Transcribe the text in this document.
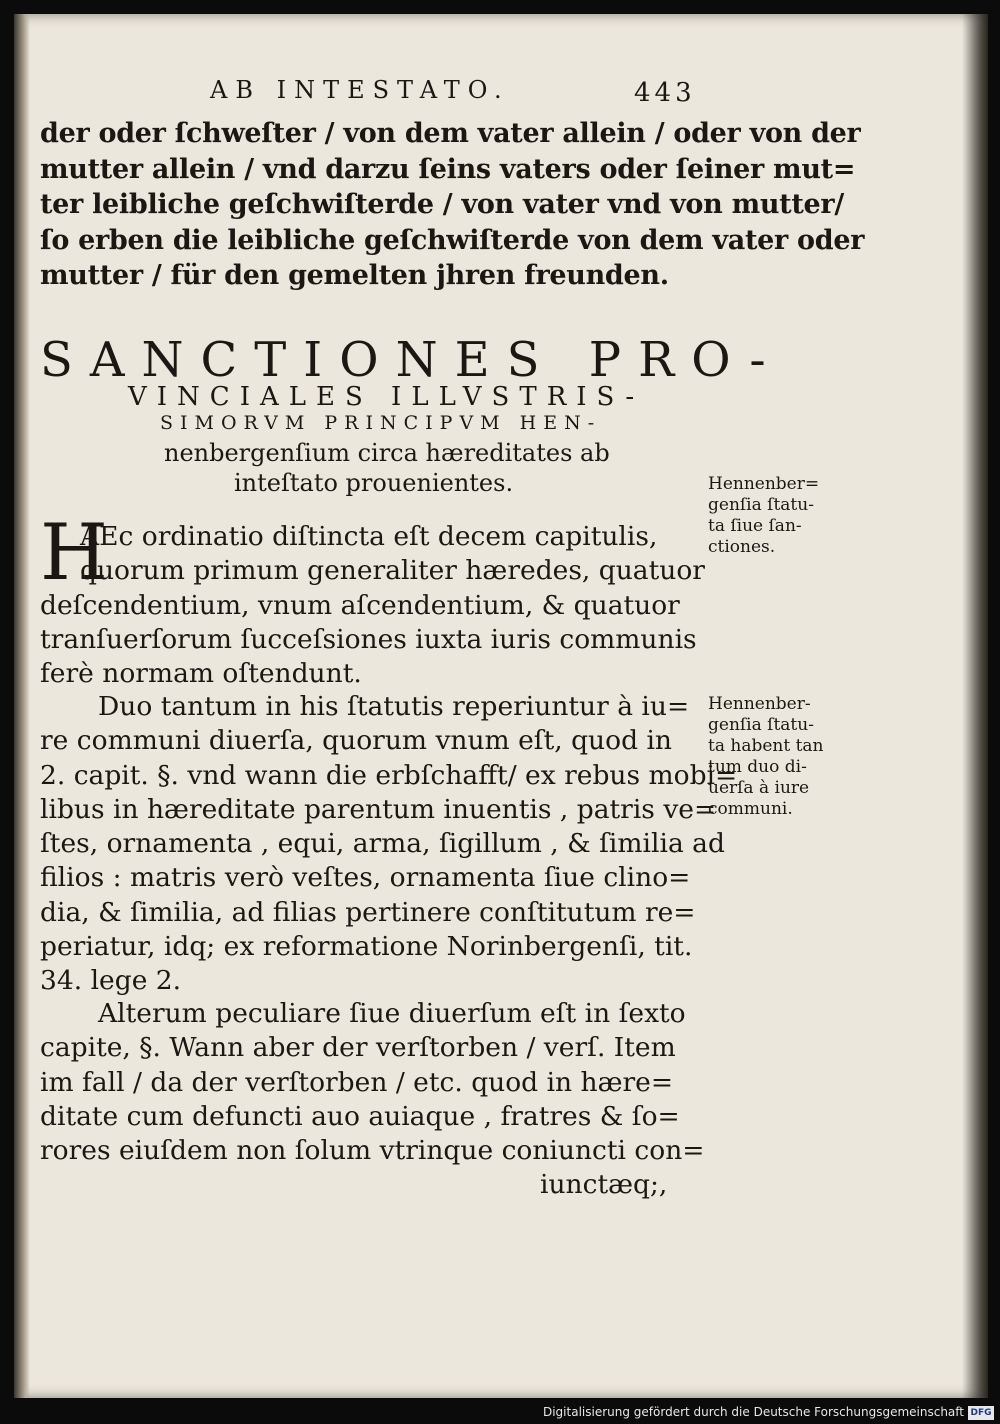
AB INTESTATO.	443
der oder ſchweſter / von dem vater allein / oder von der
mutter allein / vnd darzu ſeins vaters oder ſeiner mut=
ter leibliche geſchwiſterde / von vater vnd von mutter/
ſo erben die leibliche geſchwiſterde von dem vater oder
mutter / für den gemelten jhren freunden.
SANCTIONES PRO-
VINCIALES ILLVSTRIS-
SIMORVM PRINCIPVM HEN-
nenbergenſium circa hæreditates ab
inteſtato prouenientes.
H
AEc ordinatio diſtincta eſt decem capitulis,
quorum primum generaliter hæredes, quatuor
deſcendentium, vnum aſcendentium, & quatuor
tranſuerſorum ſucceſsiones iuxta iuris communis
ferè normam oſtendunt.
Duo tantum in his ſtatutis reperiuntur à iu=
re communi diuerſa, quorum vnum eſt, quod in
2. capit. §. vnd wann die erbſchafft/ ex rebus mobi=
libus in hæreditate parentum inuentis , patris ve=
ſtes, ornamenta , equi, arma, ſigillum , & ſimilia ad
filios : matris verò veſtes, ornamenta ſiue clino=
dia, & ſimilia, ad filias pertinere conſtitutum re=
periatur, idq; ex reformatione Norinbergenſi, tit.
34. lege 2.
Alterum peculiare ſiue diuerſum eſt in ſexto
capite, §. Wann aber der verſtorben / verſ. Item
im fall / da der verſtorben / etc. quod in hære=
ditate cum defuncti auo auiaque , fratres & ſo=
rores eiuſdem non ſolum vtrinque coniuncti con=
iunctæq;,
Hennenber=
genſia ſtatu-
ta ſiue ſan-
ctiones.
Hennenber-
genſia ſtatu-
ta habent tan
tum duo di-
uerſa à iure
communi.
Digitalisierung gefördert durch die Deutsche Forschungsgemeinschaft DFG
